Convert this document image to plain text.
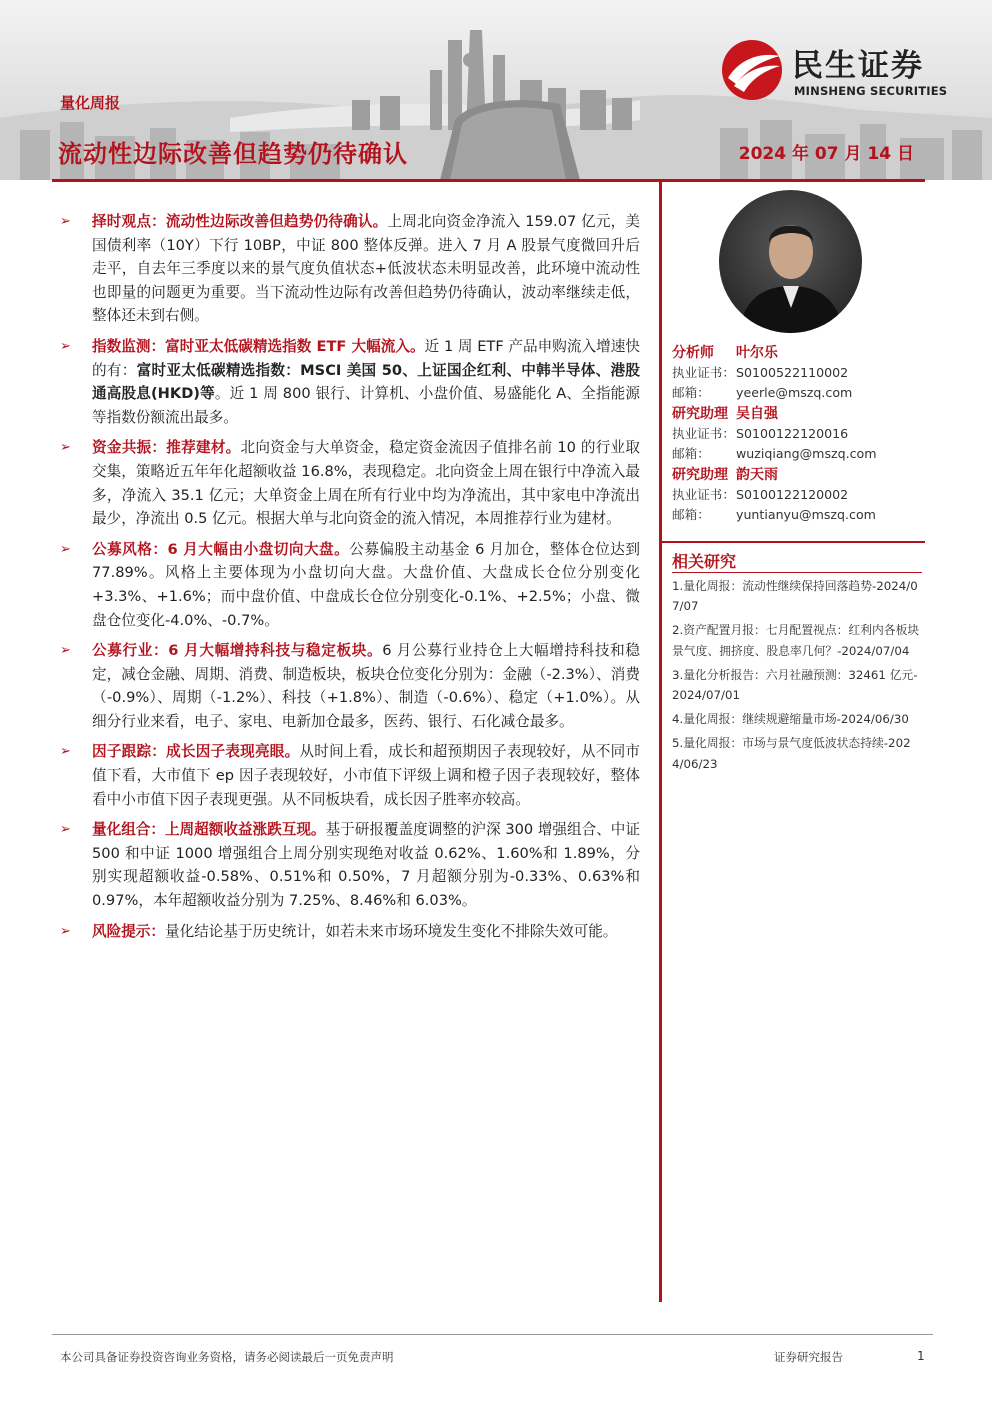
量化周报
流动性边际改善但趋势仍待确认	2024 年 07 月 14 日
民生证券
MINSHENG SECURITIES
➢ 择时观点：流动性边际改善但趋势仍待确认。上周北向资金净流入 159.07 亿元，美国债利率（10Y）下行 10BP，中证 800 整体反弹。进入 7 月 A 股景气度微回升后走平，自去年三季度以来的景气度负值状态+低波状态未明显改善，此环境中流动性也即量的问题更为重要。当下流动性边际有改善但趋势仍待确认，波动率继续走低，整体还未到右侧。
➢ 指数监测：富时亚太低碳精选指数 ETF 大幅流入。近 1 周 ETF 产品申购流入增速快的有：富时亚太低碳精选指数：MSCI 美国 50、上证国企红利、中韩半导体、港股通高股息(HKD)等。近 1 周 800 银行、计算机、小盘价值、易盛能化 A、全指能源等指数份额流出最多。
➢ 资金共振：推荐建材。北向资金与大单资金，稳定资金流因子值排名前 10 的行业取交集，策略近五年年化超额收益 16.8%，表现稳定。北向资金上周在银行中净流入最多，净流入 35.1 亿元；大单资金上周在所有行业中均为净流出，其中家电中净流出最少，净流出 0.5 亿元。根据大单与北向资金的流入情况，本周推荐行业为建材。
➢ 公募风格：6 月大幅由小盘切向大盘。公募偏股主动基金 6 月加仓，整体仓位达到 77.89%。风格上主要体现为小盘切向大盘。大盘价值、大盘成长仓位分别变化+3.3%、+1.6%；而中盘价值、中盘成长仓位分别变化-0.1%、+2.5%；小盘、微盘仓位变化-4.0%、-0.7%。
➢ 公募行业：6 月大幅增持科技与稳定板块。6 月公募行业持仓上大幅增持科技和稳定，减仓金融、周期、消费、制造板块，板块仓位变化分别为：金融（-2.3%）、消费（-0.9%）、周期（-1.2%）、科技（+1.8%）、制造（-0.6%）、稳定（+1.0%）。从细分行业来看，电子、家电、电新加仓最多，医药、银行、石化减仓最多。
➢ 因子跟踪：成长因子表现亮眼。从时间上看，成长和超预期因子表现较好，从不同市值下看，大市值下 ep 因子表现较好，小市值下评级上调和橙子因子表现较好，整体看中小市值下因子表现更强。从不同板块看，成长因子胜率亦较高。
➢ 量化组合：上周超额收益涨跌互现。基于研报覆盖度调整的沪深 300 增强组合、中证 500 和中证 1000 增强组合上周分别实现绝对收益 0.62%、1.60%和 1.89%，分别实现超额收益-0.58%、0.51%和 0.50%，7 月超额分别为-0.33%、0.63%和 0.97%，本年超额收益分别为 7.25%、8.46%和 6.03%。
➢ 风险提示：量化结论基于历史统计，如若未来市场环境发生变化不排除失效可能。
分析师 叶尔乐
执业证书：S0100522110002
邮箱： yeerle@mszq.com
研究助理 吴自强
执业证书：S0100122120016
邮箱： wuziqiang@mszq.com
研究助理 韵天雨
执业证书：S0100122120002
邮箱： yuntianyu@mszq.com
相关研究
1.量化周报：流动性继续保持回落趋势-2024/07/07
2.资产配置月报：七月配置视点：红利内各板块景气度、拥挤度、股息率几何？-2024/07/04
3.量化分析报告：六月社融预测：32461 亿元-2024/07/01
4.量化周报：继续规避缩量市场-2024/06/30
5.量化周报：市场与景气度低波状态持续-2024/06/23
本公司具备证券投资咨询业务资格，请务必阅读最后一页免责声明	证券研究报告	1
